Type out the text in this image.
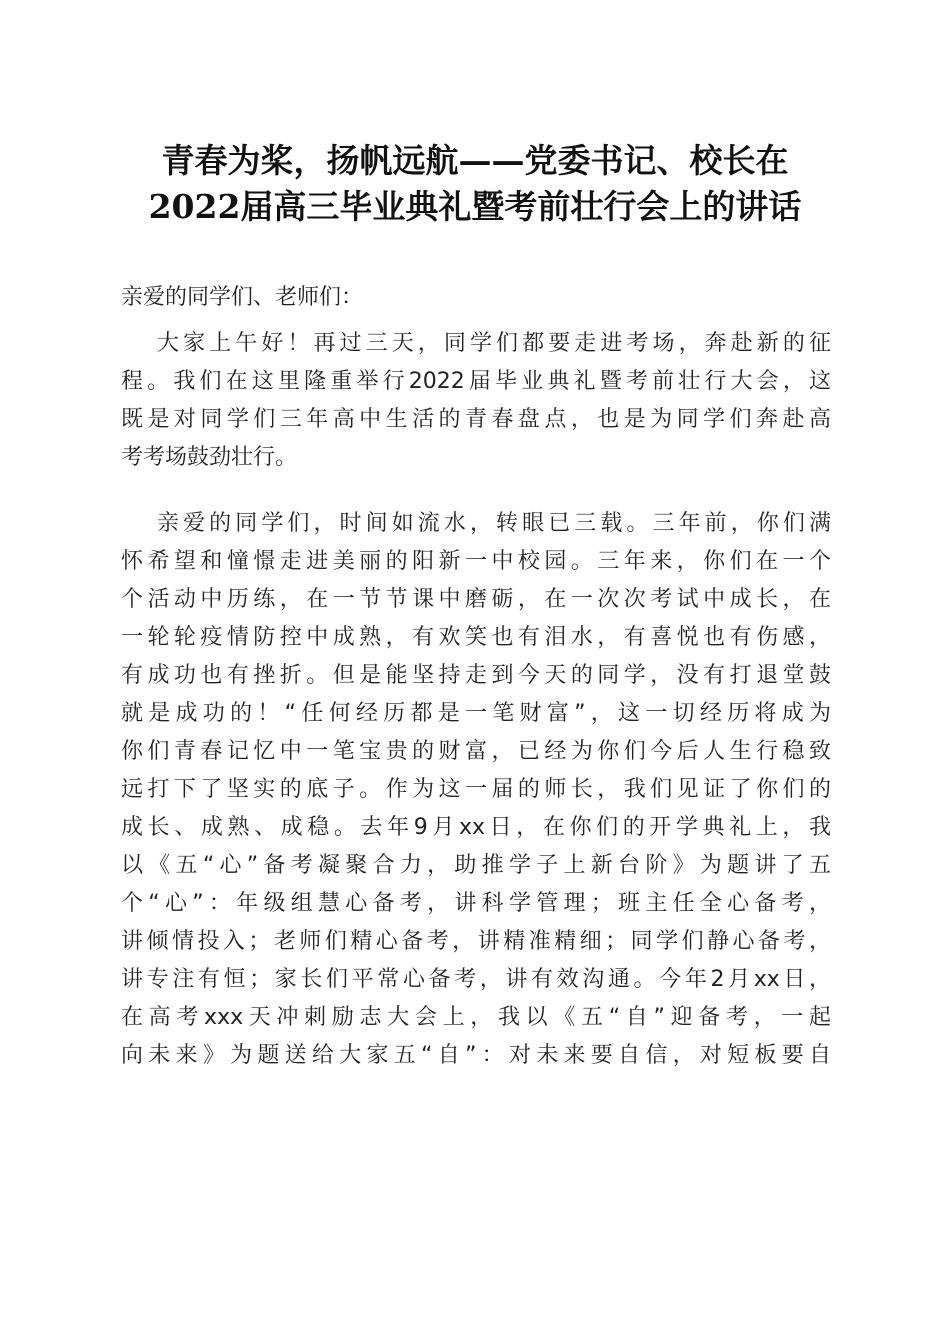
青春为桨，扬帆远航——党委书记、校长在
2022届高三毕业典礼暨考前壮行会上的讲话
亲爱的同学们、老师们：
大家上午好！再过三天，同学们都要走进考场，奔赴新的征
程。我们在这里隆重举行2022届毕业典礼暨考前壮行大会，这
既是对同学们三年高中生活的青春盘点，也是为同学们奔赴高
考考场鼓劲壮行。
亲爱的同学们，时间如流水，转眼已三载。三年前，你们满
怀希望和憧憬走进美丽的阳新一中校园。三年来，你们在一个
个活动中历练，在一节节课中磨砺，在一次次考试中成长，在
一轮轮疫情防控中成熟，有欢笑也有泪水，有喜悦也有伤感，
有成功也有挫折。但是能坚持走到今天的同学，没有打退堂鼓
就是成功的！“任何经历都是一笔财富”，这一切经历将成为
你们青春记忆中一笔宝贵的财富，已经为你们今后人生行稳致
远打下了坚实的底子。作为这一届的师长，我们见证了你们的
成长、成熟、成稳。去年9月xx日，在你们的开学典礼上，我
以《五“心”备考凝聚合力，助推学子上新台阶》为题讲了五
个“心”：年级组慧心备考，讲科学管理；班主任全心备考，
讲倾情投入；老师们精心备考，讲精准精细；同学们静心备考，
讲专注有恒；家长们平常心备考，讲有效沟通。今年2月xx日，
在高考xxx天冲刺励志大会上，我以《五“自”迎备考，一起
向未来》为题送给大家五“自”：对未来要自信，对短板要自
